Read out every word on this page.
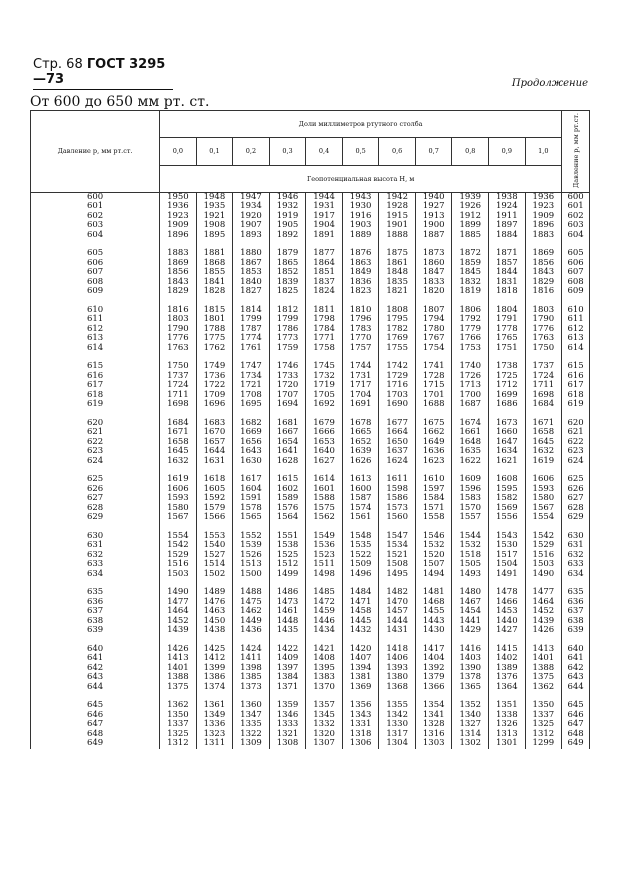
Стр. 68 ГОСТ 3295—73	Продолжение
От 600 до 650 мм рт. ст.
Давление p, мм рт.ст.	Доли миллиметров ртутного столба											Давление p, мм рт.ст.
	0,0	0,1	0,2	0,3	0,4	0,5	0,6	0,7	0,8	0,9	1,0	
	Геопотенциальная высота H, м											
600	1950	1948	1947	1946	1944	1943	1942	1940	1939	1938	1936	600
601	1936	1935	1934	1932	1931	1930	1928	1927	1926	1924	1923	601
602	1923	1921	1920	1919	1917	1916	1915	1913	1912	1911	1909	602
603	1909	1908	1907	1905	1904	1903	1901	1900	1899	1897	1896	603
604	1896	1895	1893	1892	1891	1889	1888	1887	1885	1884	1883	604

605	1883	1881	1880	1879	1877	1876	1875	1873	1872	1871	1869	605
606	1869	1868	1867	1865	1864	1863	1861	1860	1859	1857	1856	606
607	1856	1855	1853	1852	1851	1849	1848	1847	1845	1844	1843	607
608	1843	1841	1840	1839	1837	1836	1835	1833	1832	1831	1829	608
609	1829	1828	1827	1825	1824	1823	1821	1820	1819	1818	1816	609

610	1816	1815	1814	1812	1811	1810	1808	1807	1806	1804	1803	610
611	1803	1801	1799	1799	1798	1796	1795	1794	1792	1791	1790	611
612	1790	1788	1787	1786	1784	1783	1782	1780	1779	1778	1776	612
613	1776	1775	1774	1773	1771	1770	1769	1767	1766	1765	1763	613
614	1763	1762	1761	1759	1758	1757	1755	1754	1753	1751	1750	614

615	1750	1749	1747	1746	1745	1744	1742	1741	1740	1738	1737	615
616	1737	1736	1734	1733	1732	1731	1729	1728	1726	1725	1724	616
617	1724	1722	1721	1720	1719	1717	1716	1715	1713	1712	1711	617
618	1711	1709	1708	1707	1705	1704	1703	1701	1700	1699	1698	618
619	1698	1696	1695	1694	1692	1691	1690	1688	1687	1686	1684	619

620	1684	1683	1682	1681	1679	1678	1677	1675	1674	1673	1671	620
621	1671	1670	1669	1667	1666	1665	1664	1662	1661	1660	1658	621
622	1658	1657	1656	1654	1653	1652	1650	1649	1648	1647	1645	622
623	1645	1644	1643	1641	1640	1639	1637	1636	1635	1634	1632	623
624	1632	1631	1630	1628	1627	1626	1624	1623	1622	1621	1619	624

625	1619	1618	1617	1615	1614	1613	1611	1610	1609	1608	1606	625
626	1606	1605	1604	1602	1601	1600	1598	1597	1596	1595	1593	626
627	1593	1592	1591	1589	1588	1587	1586	1584	1583	1582	1580	627
628	1580	1579	1578	1576	1575	1574	1573	1571	1570	1569	1567	628
629	1567	1566	1565	1564	1562	1561	1560	1558	1557	1556	1554	629

630	1554	1553	1552	1551	1549	1548	1547	1546	1544	1543	1542	630
631	1542	1540	1539	1538	1536	1535	1534	1532	1532	1530	1529	631
632	1529	1527	1526	1525	1523	1522	1521	1520	1518	1517	1516	632
633	1516	1514	1513	1512	1511	1509	1508	1507	1505	1504	1503	633
634	1503	1502	1500	1499	1498	1496	1495	1494	1493	1491	1490	634

635	1490	1489	1488	1486	1485	1484	1482	1481	1480	1478	1477	635
636	1477	1476	1475	1473	1472	1471	1470	1468	1467	1466	1464	636
637	1464	1463	1462	1461	1459	1458	1457	1455	1454	1453	1452	637
638	1452	1450	1449	1448	1446	1445	1444	1443	1441	1440	1439	638
639	1439	1438	1436	1435	1434	1432	1431	1430	1429	1427	1426	639

640	1426	1425	1424	1422	1421	1420	1418	1417	1416	1415	1413	640
641	1413	1412	1411	1409	1408	1407	1406	1404	1403	1402	1401	641
642	1401	1399	1398	1397	1395	1394	1393	1392	1390	1389	1388	642
643	1388	1386	1385	1384	1383	1381	1380	1379	1378	1376	1375	643
644	1375	1374	1373	1371	1370	1369	1368	1366	1365	1364	1362	644

645	1362	1361	1360	1359	1357	1356	1355	1354	1352	1351	1350	645
646	1350	1349	1347	1346	1345	1343	1342	1341	1340	1338	1337	646
647	1337	1336	1335	1333	1332	1331	1330	1328	1327	1326	1325	647
648	1325	1323	1322	1321	1320	1318	1317	1316	1314	1313	1312	648
649	1312	1311	1309	1308	1307	1306	1304	1303	1302	1301	1299	649
